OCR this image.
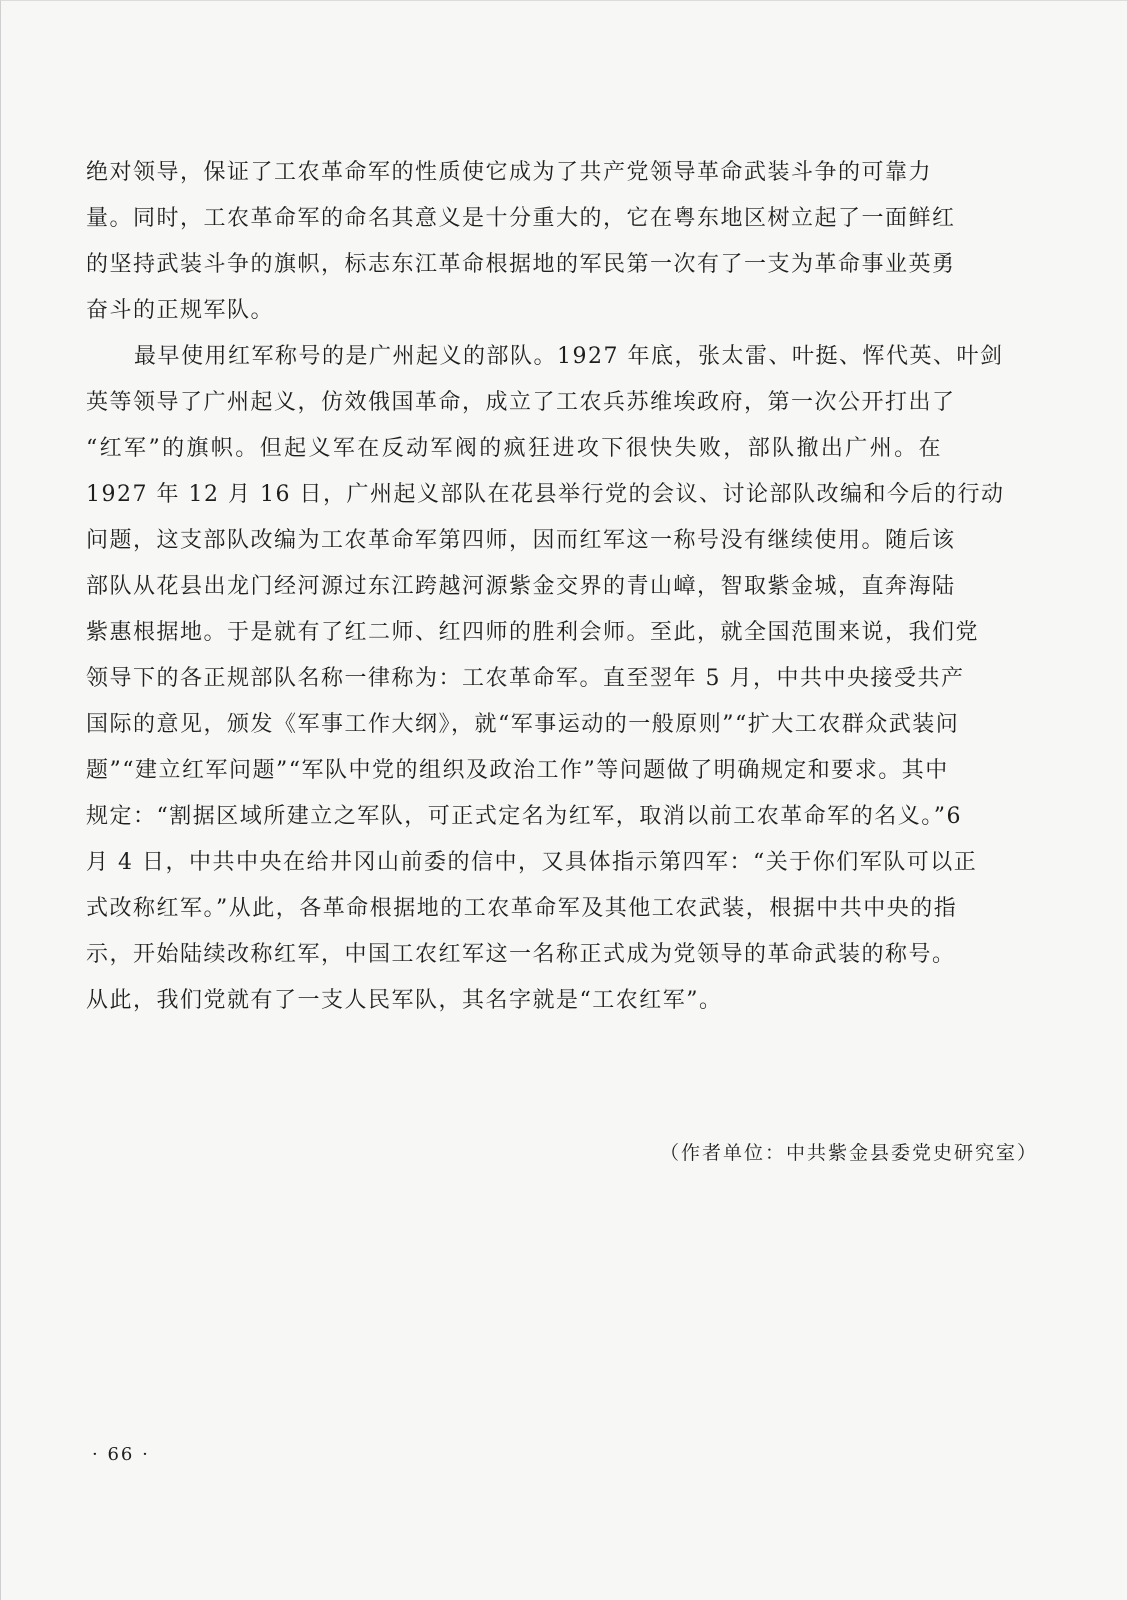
绝对领导，保证了工农革命军的性质使它成为了共产党领导革命武装斗争的可靠力
量。同时，工农革命军的命名其意义是十分重大的，它在粤东地区树立起了一面鲜红
的坚持武装斗争的旗帜，标志东江革命根据地的军民第一次有了一支为革命事业英勇
奋斗的正规军队。
最早使用红军称号的是广州起义的部队。1927 年底，张太雷、叶挺、恽代英、叶剑
英等领导了广州起义，仿效俄国革命，成立了工农兵苏维埃政府，第一次公开打出了
“红军”的旗帜。但起义军在反动军阀的疯狂进攻下很快失败，部队撤出广州。在
1927 年 12 月 16 日，广州起义部队在花县举行党的会议、讨论部队改编和今后的行动
问题，这支部队改编为工农革命军第四师，因而红军这一称号没有继续使用。随后该
部队从花县出龙门经河源过东江跨越河源紫金交界的青山嶂，智取紫金城，直奔海陆
紫惠根据地。于是就有了红二师、红四师的胜利会师。至此，就全国范围来说，我们党
领导下的各正规部队名称一律称为：工农革命军。直至翌年 5 月，中共中央接受共产
国际的意见，颁发《军事工作大纲》，就“军事运动的一般原则”“扩大工农群众武装问
题”“建立红军问题”“军队中党的组织及政治工作”等问题做了明确规定和要求。其中
规定：“割据区域所建立之军队，可正式定名为红军，取消以前工农革命军的名义。”6
月 4 日，中共中央在给井冈山前委的信中，又具体指示第四军：“关于你们军队可以正
式改称红军。”从此，各革命根据地的工农革命军及其他工农武装，根据中共中央的指
示，开始陆续改称红军，中国工农红军这一名称正式成为党领导的革命武装的称号。
从此，我们党就有了一支人民军队，其名字就是“工农红军”。
（作者单位：中共紫金县委党史研究室）
· 66 ·
